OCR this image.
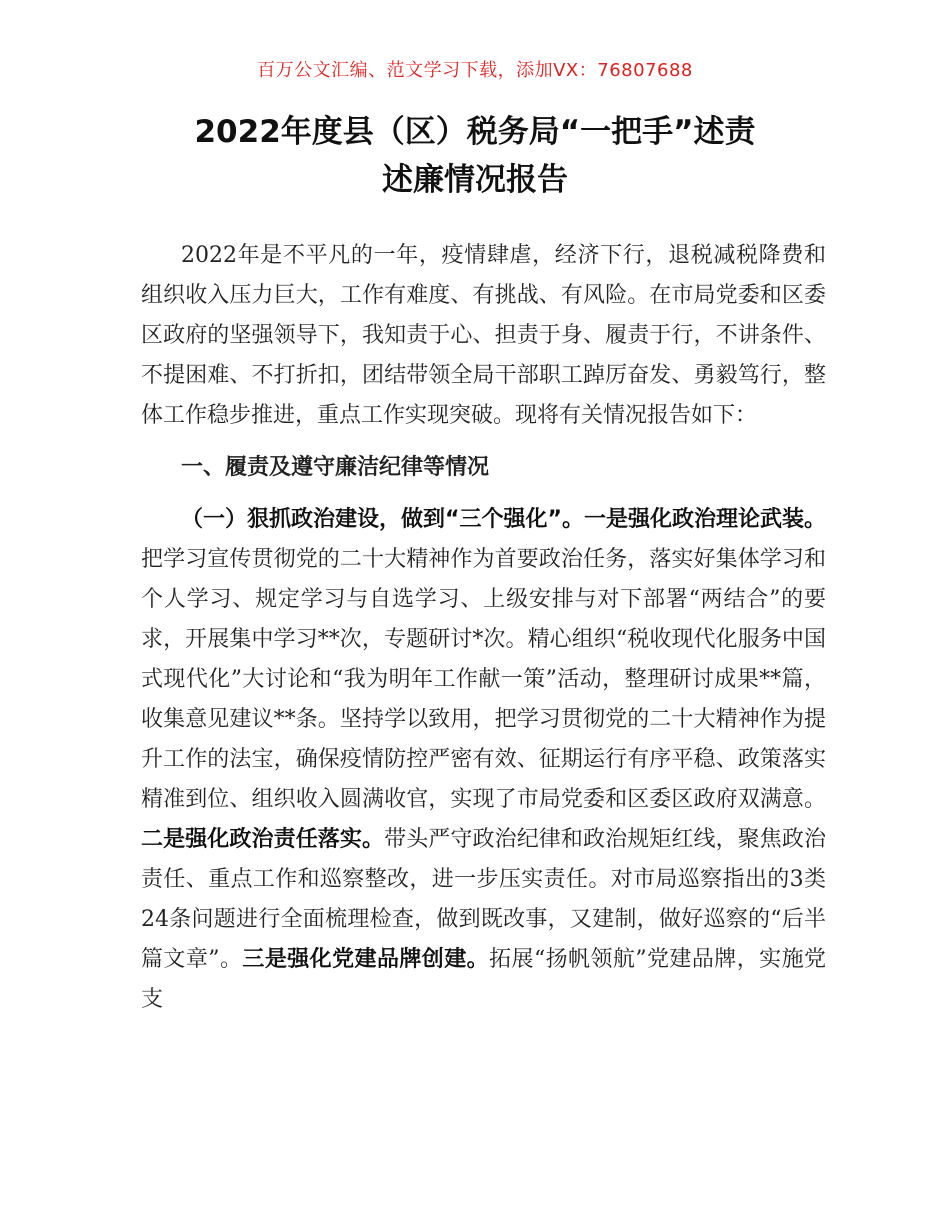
百万公文汇编、范文学习下载，添加VX：76807688
2022年度县（区）税务局“一把手”述责
述廉情况报告

2022年是不平凡的一年，疫情肆虐，经济下行，退税减税降费和组织收入压力巨大，工作有难度、有挑战、有风险。在市局党委和区委区政府的坚强领导下，我知责于心、担责于身、履责于行，不讲条件、不提困难、不打折扣，团结带领全局干部职工踔厉奋发、勇毅笃行，整体工作稳步推进，重点工作实现突破。现将有关情况报告如下：

一、履责及遵守廉洁纪律等情况

（一）狠抓政治建设，做到“三个强化”。一是强化政治理论武装。把学习宣传贯彻党的二十大精神作为首要政治任务，落实好集体学习和个人学习、规定学习与自选学习、上级安排与对下部署“两结合”的要求，开展集中学习**次，专题研讨*次。精心组织“税收现代化服务中国式现代化”大讨论和“我为明年工作献一策”活动，整理研讨成果**篇，收集意见建议**条。坚持学以致用，把学习贯彻党的二十大精神作为提升工作的法宝，确保疫情防控严密有效、征期运行有序平稳、政策落实精准到位、组织收入圆满收官，实现了市局党委和区委区政府双满意。二是强化政治责任落实。带头严守政治纪律和政治规矩红线，聚焦政治责任、重点工作和巡察整改，进一步压实责任。对市局巡察指出的3类24条问题进行全面梳理检查，做到既改事，又建制，做好巡察的“后半篇文章”。三是强化党建品牌创建。拓展“扬帆领航”党建品牌，实施党支
